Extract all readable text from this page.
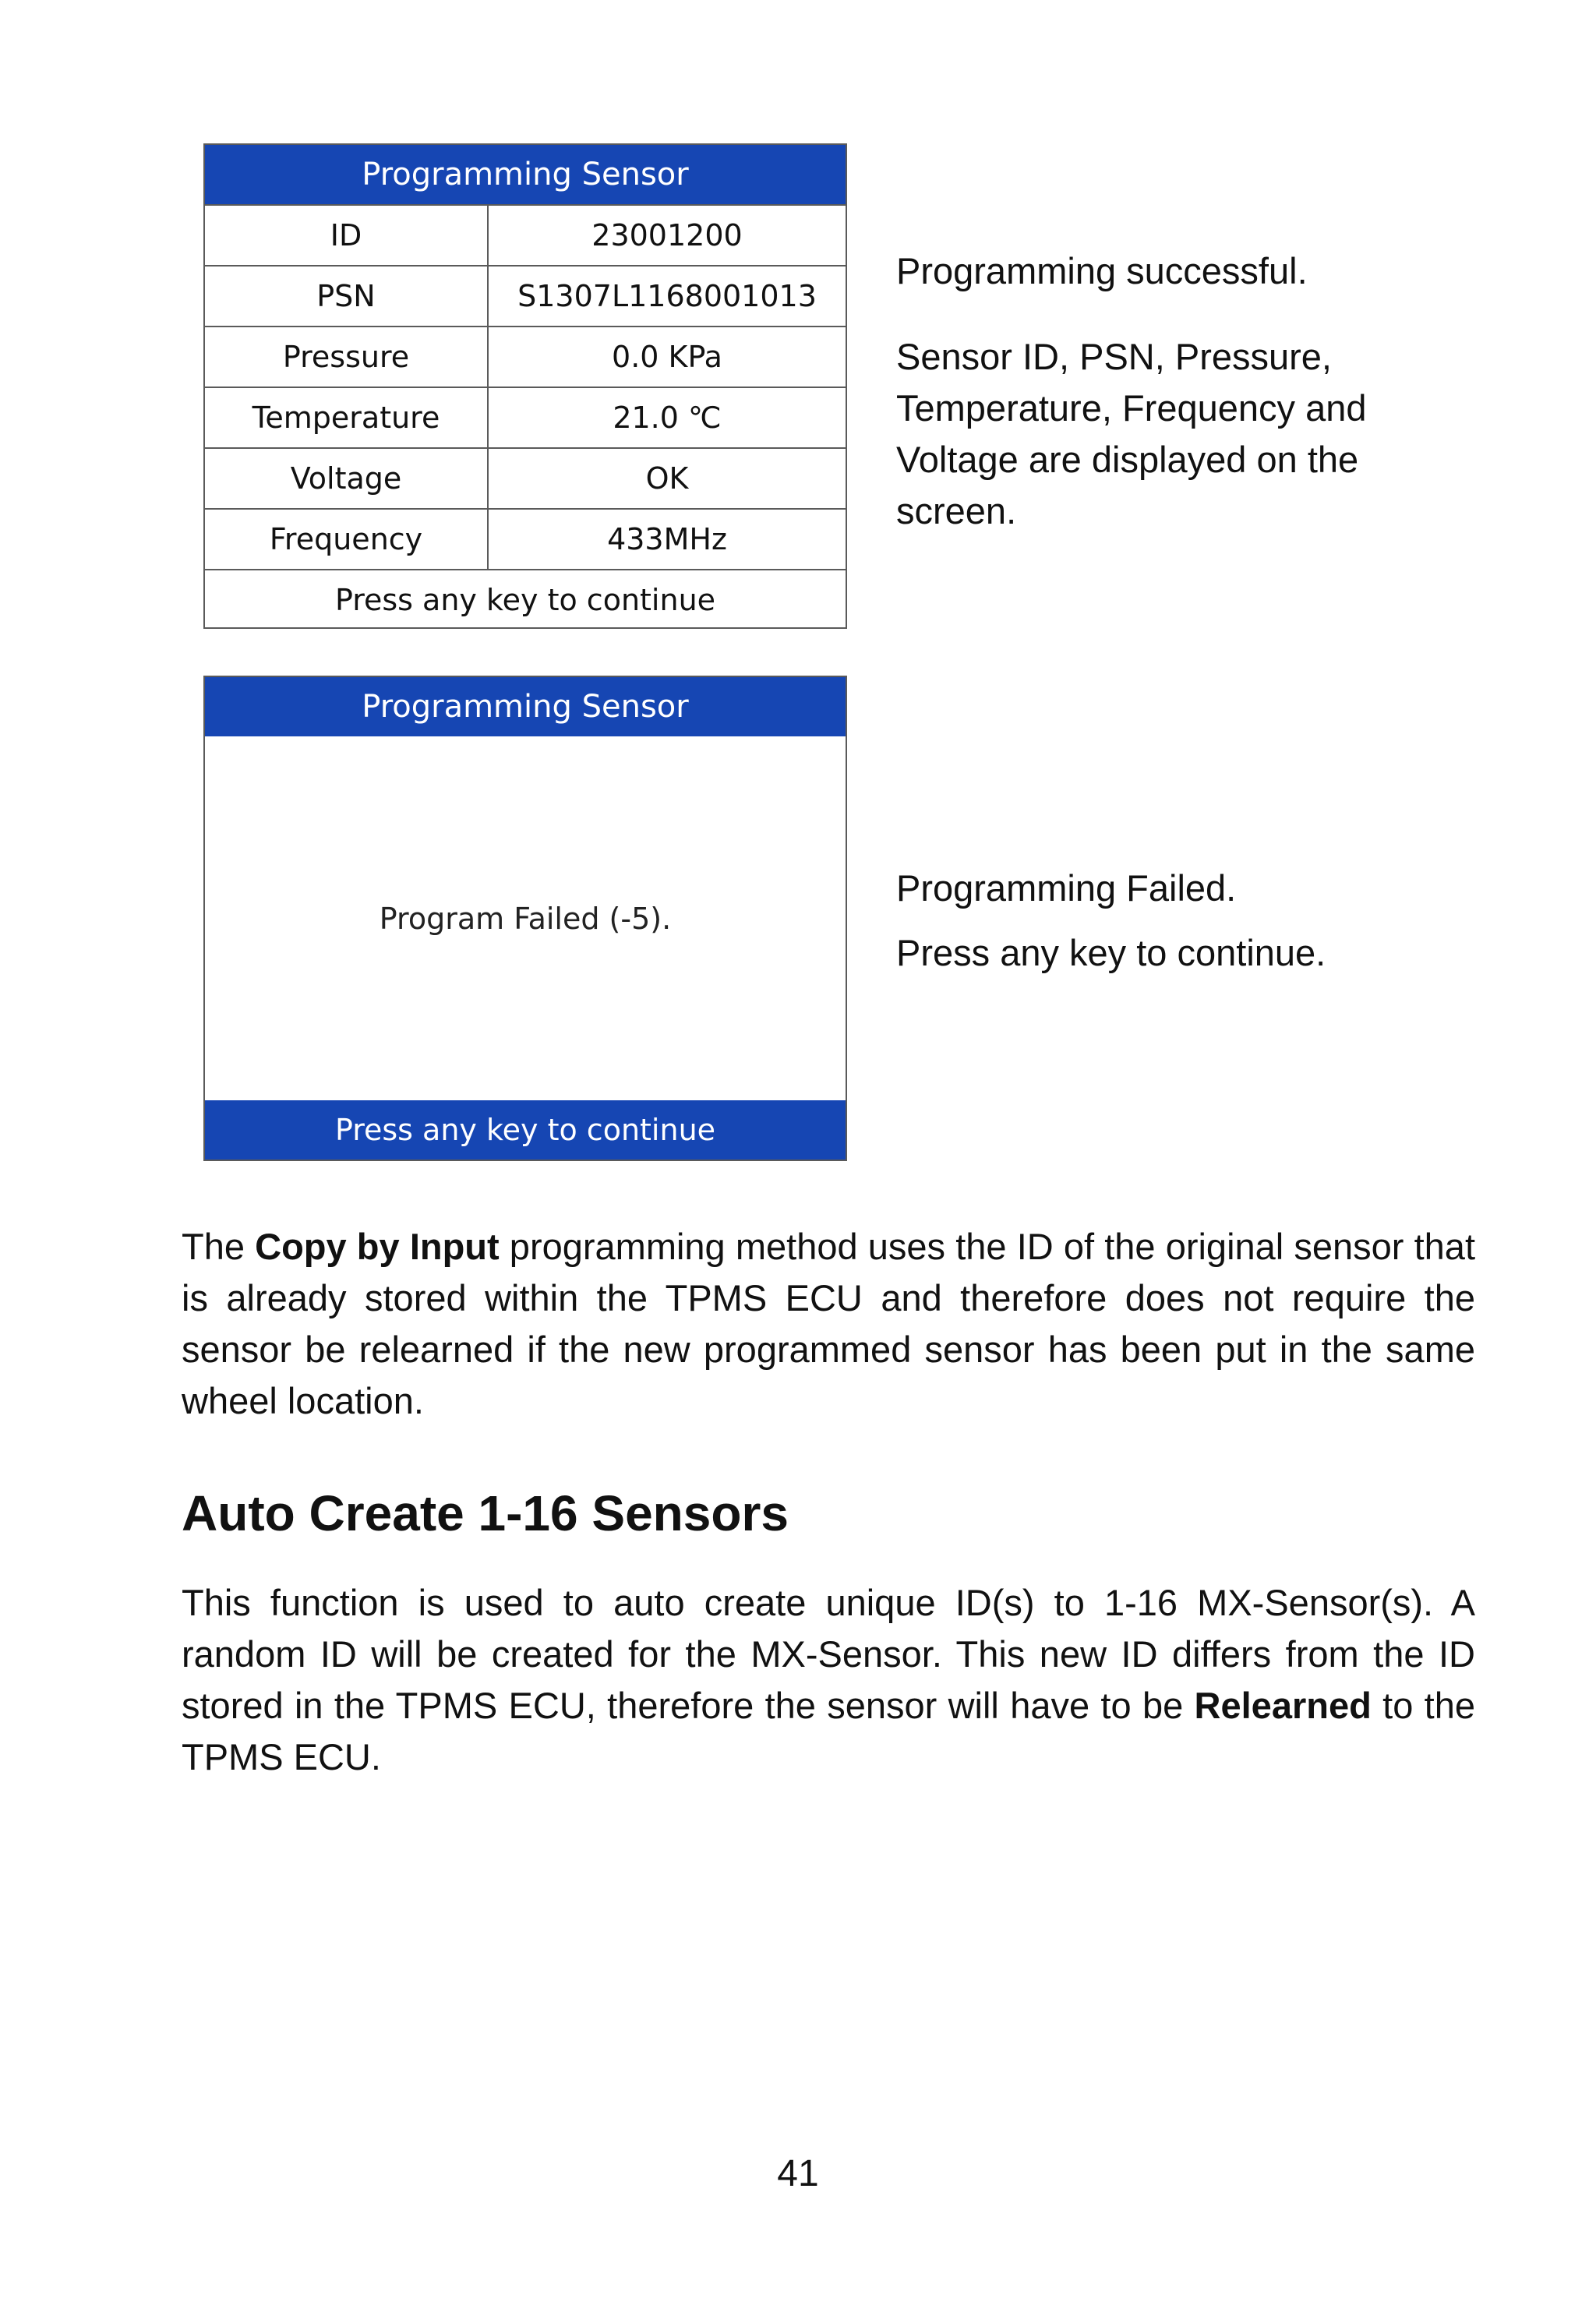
Programming Sensor
ID	23001200
PSN	S1307L1168001013
Pressure	0.0 KPa
Temperature	21.0 ℃
Voltage	OK
Frequency	433MHz
Press any key to continue	

Programming successful.

Sensor ID, PSN, Pressure, Temperature, Frequency and Voltage are displayed on the screen.

Programming Sensor
Program Failed (-5).
Press any key to continue

Programming Failed.

Press any key to continue.

The Copy by Input programming method uses the ID of the original sensor that is already stored within the TPMS ECU and therefore does not require the sensor be relearned if the new programmed sensor has been put in the same wheel location.

Auto Create 1-16 Sensors

This function is used to auto create unique ID(s) to 1-16 MX-Sensor(s). A random ID will be created for the MX-Sensor. This new ID differs from the ID stored in the TPMS ECU, therefore the sensor will have to be Relearned to the TPMS ECU.

41
